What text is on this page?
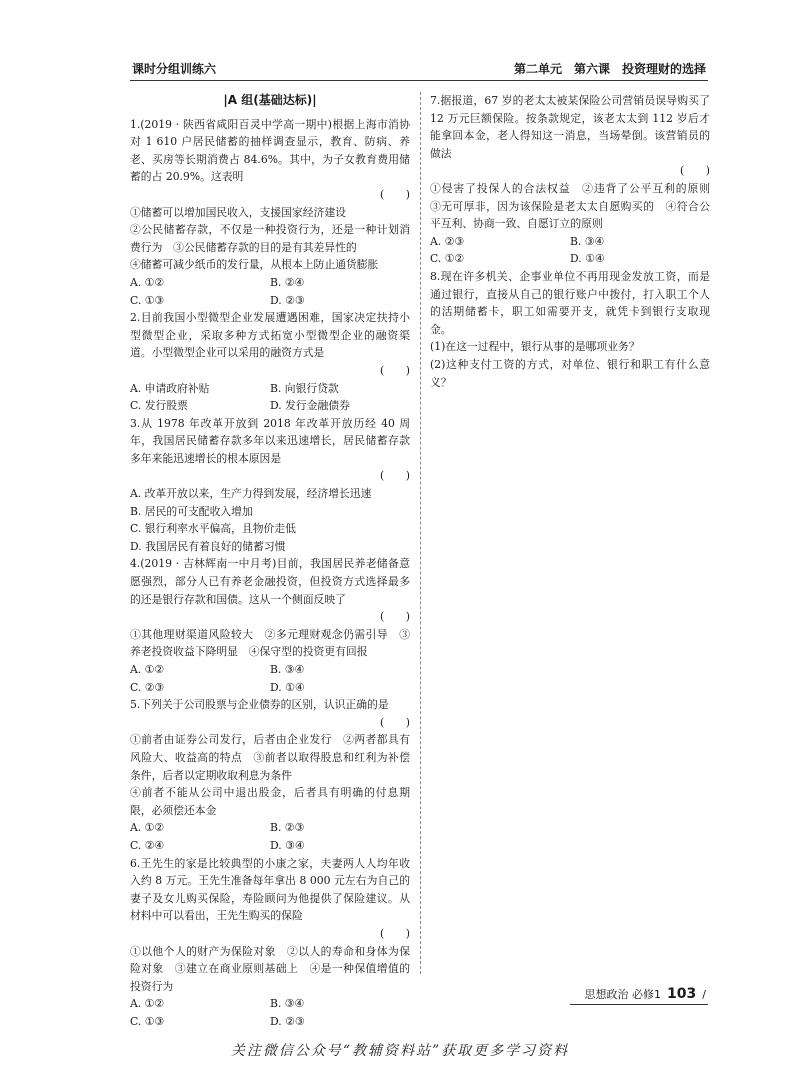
课时分组训练六	第二单元　第六课　投资理财的选择
|A 组(基础达标)|

1.(2019 · 陕西省咸阳百灵中学高一期中)根据上海市消协对 1 610 户居民储蓄的抽样调查显示，教育、防病、养老、买房等长期消费占 84.6%。其中，为子女教育费用储蓄的占 20.9%。这表明

(　　)

①储蓄可以增加国民收入，支援国家经济建设

②公民储蓄存款，不仅是一种投资行为，还是一种计划消费行为　③公民储蓄存款的目的是有其差异性的

④储蓄可减少纸币的发行量，从根本上防止通货膨胀

A. ①②	B. ②④
C. ①③	D. ②③

2.目前我国小型微型企业发展遭遇困难，国家决定扶持小型微型企业，采取多种方式拓宽小型微型企业的融资渠道。小型微型企业可以采用的融资方式是

(　　)
A. 申请政府补贴	B. 向银行贷款
C. 发行股票	D. 发行金融债券

3.从 1978 年改革开放到 2018 年改革开放历经 40 周年，我国居民储蓄存款多年以来迅速增长，居民储蓄存款多年来能迅速增长的根本原因是

(　　)

A. 改革开放以来，生产力得到发展，经济增长迅速

B. 居民的可支配收入增加

C. 银行利率水平偏高，且物价走低

D. 我国居民有着良好的储蓄习惯

4.(2019 · 吉林辉南一中月考)目前，我国居民养老储备意愿强烈，部分人已有养老金融投资，但投资方式选择最多的还是银行存款和国债。这从一个侧面反映了

(　　)

①其他理财渠道风险较大　②多元理财观念仍需引导　③养老投资收益下降明显　④保守型的投资更有回报

A. ①②	B. ③④
C. ②③	D. ①④

5.下列关于公司股票与企业债券的区别，认识正确的是

(　　)

①前者由证券公司发行，后者由企业发行　②两者都具有风险大、收益高的特点　③前者以取得股息和红利为补偿条件，后者以定期收取利息为条件

④前者不能从公司中退出股金，后者具有明确的付息期限，必须偿还本金

A. ①②	B. ②③
C. ②④	D. ③④

6.王先生的家是比较典型的小康之家，夫妻两人人均年收入约 8 万元。王先生准备每年拿出 8 000 元左右为自己的妻子及女儿购买保险，寿险顾问为他提供了保险建议。从材料中可以看出，王先生购买的保险

(　　)

①以他个人的财产为保险对象　②以人的寿命和身体为保险对象　③建立在商业原则基础上　④是一种保值增值的投资行为

A. ①②	B. ③④
C. ①③	D. ②③

7.据报道，67 岁的老太太被某保险公司营销员误导购买了 12 万元巨额保险。按条款规定，该老太太到 112 岁后才能拿回本金，老人得知这一消息，当场晕倒。该营销员的做法

(　　)

①侵害了投保人的合法权益　②违背了公平互利的原则　③无可厚非，因为该保险是老太太自愿购买的　④符合公平互利、协商一致、自愿订立的原则

A. ②③	B. ③④
C. ①②	D. ①④

8.现在许多机关、企事业单位不再用现金发放工资，而是通过银行，直接从自己的银行账户中拨付，打入职工个人的活期储蓄卡，职工如需要开支，就凭卡到银行支取现金。

(1)在这一过程中，银行从事的是哪项业务？

(2)这种支付工资的方式，对单位、银行和职工有什么意义？

思想政治 必修1 103 /
关注微信公众号“教辅资料站”获取更多学习资料
